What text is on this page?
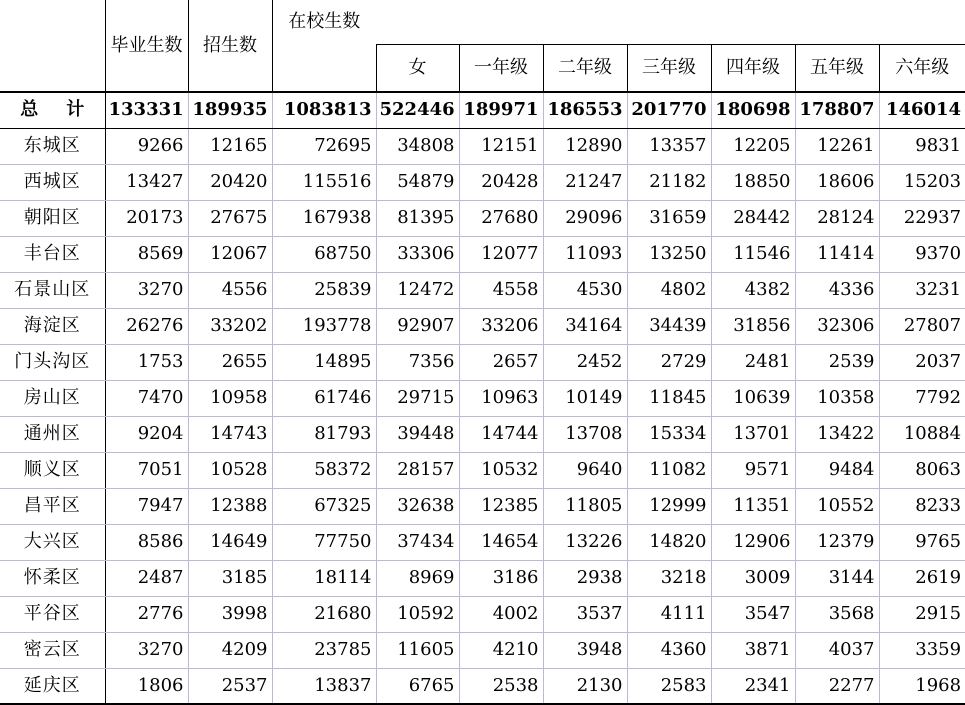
	毕业生数	招生数	在校生数							
				女	一年级	二年级	三年级	四年级	五年级	六年级
总 计	133331	189935	1083813	522446	189971	186553	201770	180698	178807	146014
东城区	9266	12165	72695	34808	12151	12890	13357	12205	12261	9831
西城区	13427	20420	115516	54879	20428	21247	21182	18850	18606	15203
朝阳区	20173	27675	167938	81395	27680	29096	31659	28442	28124	22937
丰台区	8569	12067	68750	33306	12077	11093	13250	11546	11414	9370
石景山区	3270	4556	25839	12472	4558	4530	4802	4382	4336	3231
海淀区	26276	33202	193778	92907	33206	34164	34439	31856	32306	27807
门头沟区	1753	2655	14895	7356	2657	2452	2729	2481	2539	2037
房山区	7470	10958	61746	29715	10963	10149	11845	10639	10358	7792
通州区	9204	14743	81793	39448	14744	13708	15334	13701	13422	10884
顺义区	7051	10528	58372	28157	10532	9640	11082	9571	9484	8063
昌平区	7947	12388	67325	32638	12385	11805	12999	11351	10552	8233
大兴区	8586	14649	77750	37434	14654	13226	14820	12906	12379	9765
怀柔区	2487	3185	18114	8969	3186	2938	3218	3009	3144	2619
平谷区	2776	3998	21680	10592	4002	3537	4111	3547	3568	2915
密云区	3270	4209	23785	11605	4210	3948	4360	3871	4037	3359
延庆区	1806	2537	13837	6765	2538	2130	2583	2341	2277	1968
